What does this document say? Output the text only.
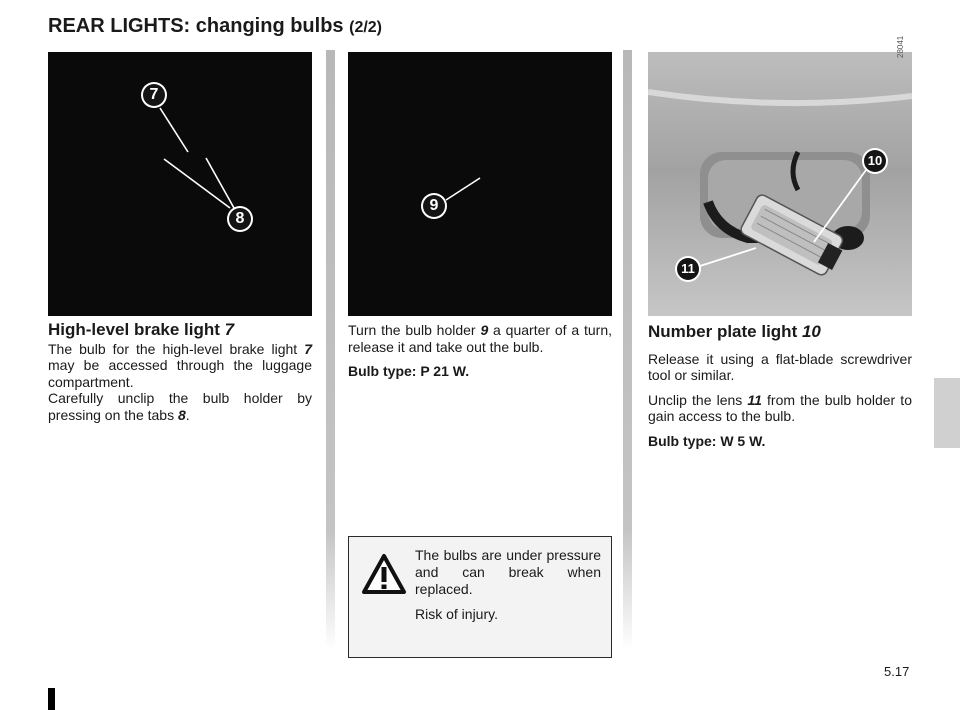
REAR LIGHTS: changing bulbs (2/2)
7
8
9
10
11
28041
High-level brake light 7
The bulb for the high-level brake light 7 may be accessed through the luggage compartment.
Carefully unclip the bulb holder by pressing on the tabs 8.

Turn the bulb holder 9 a quarter of a turn, release it and take out the bulb.

Bulb type: P 21 W.

The bulbs are under pressure and can break when replaced.

Risk of injury.

Number plate light 10

Release it using a flat-blade screwdriver tool or similar.

Unclip the lens 11 from the bulb holder to gain access to the bulb.

Bulb type: W 5 W.

5.17
